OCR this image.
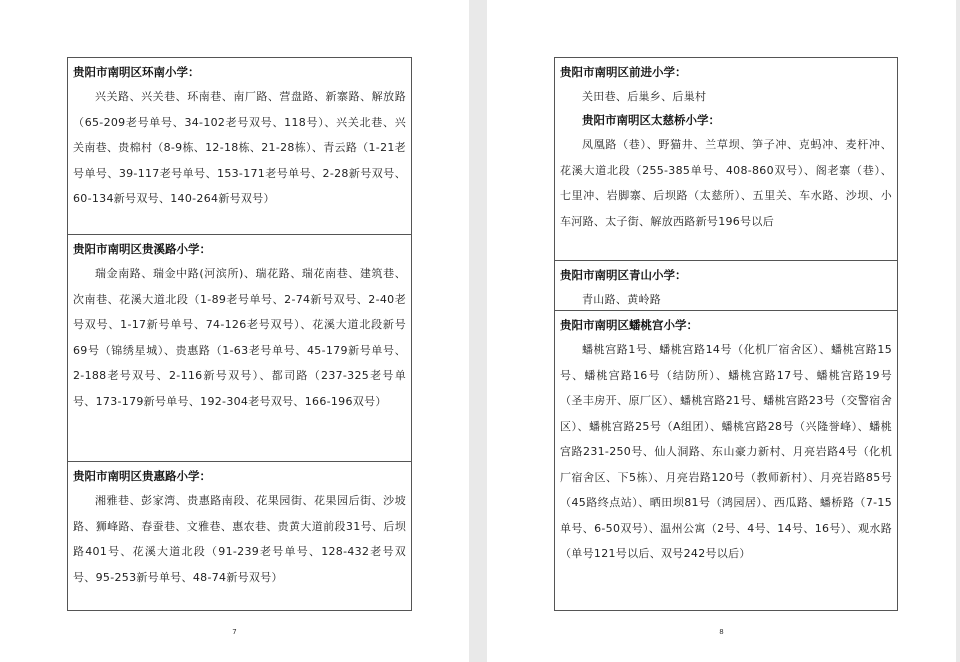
贵阳市南明区环南小学：

兴关路、兴关巷、环南巷、南厂路、营盘路、新寨路、解放路（65-209老号单号、34-102老号双号、118号）、兴关北巷、兴关南巷、贵棉村（8-9栋、12-18栋、21-28栋）、青云路（1-21老号单号、39-117老号单号、153-171老号单号、2-28新号双号、60-134新号双号、140-264新号双号）

贵阳市南明区贵溪路小学：

瑞金南路、瑞金中路(河滨所)、瑞花路、瑞花南巷、建筑巷、次南巷、花溪大道北段（1-89老号单号、2-74新号双号、2-40老号双号、1-17新号单号、74-126老号双号）、花溪大道北段新号69号（锦绣星城）、贵惠路（1-63老号单号、45-179新号单号、2-188老号双号、2-116新号双号）、都司路（237-325老号单号、173-179新号单号、192-304老号双号、166-196双号）

贵阳市南明区贵惠路小学：

湘雅巷、彭家湾、贵惠路南段、花果园街、花果园后街、沙坡路、狮峰路、春蚕巷、文雅巷、惠农巷、贵黄大道前段31号、后坝路401号、花溪大道北段（91-239老号单号、128-432老号双号、95-253新号单号、48-74新号双号）

7
贵阳市南明区前进小学：

关田巷、后巢乡、后巢村

贵阳市南明区太慈桥小学：

凤凰路（巷）、野猫井、兰草坝、笋子冲、克蚂冲、麦杆冲、花溪大道北段（255-385单号、408-860双号）、阁老寨（巷）、七里冲、岩脚寨、后坝路（太慈所）、五里关、车水路、沙坝、小车河路、太子街、解放西路新号196号以后

贵阳市南明区青山小学：

青山路、黄岭路

贵阳市南明区蟠桃宫小学：

蟠桃宫路1号、蟠桃宫路14号（化机厂宿舍区）、蟠桃宫路15号、蟠桃宫路16号（结防所）、蟠桃宫路17号、蟠桃宫路19号（圣丰房开、原厂区）、蟠桃宫路21号、蟠桃宫路23号（交警宿舍区）、蟠桃宫路25号（A组团）、蟠桃宫路28号（兴隆誉峰）、蟠桃宫路231-250号、仙人洞路、东山豪力新村、月亮岩路4号（化机厂宿舍区、下5栋）、月亮岩路120号（教师新村）、月亮岩路85号（45路终点站）、晒田坝81号（鸿园居）、西瓜路、蟠桥路（7-15单号、6-50双号）、温州公寓（2号、4号、14号、16号）、观水路（单号121号以后、双号242号以后）

8
